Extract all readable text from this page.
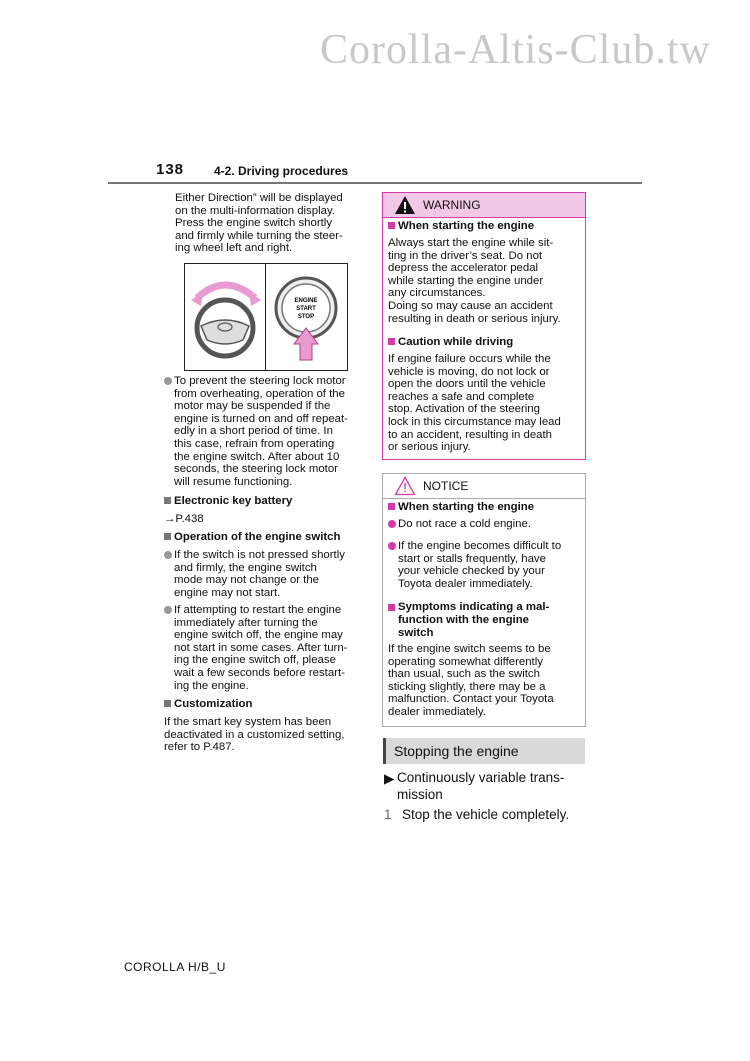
Corolla-Altis-Club.tw
138 4-2. Driving procedures
Either Direction” will be displayed
on the multi-information display.
Press the engine switch shortly
and firmly while turning the steer-
ing wheel left and right.
ENGINE
START
STOP
To prevent the steering lock motor
from overheating, operation of the
motor may be suspended if the
engine is turned on and off repeat-
edly in a short period of time. In
this case, refrain from operating
the engine switch. After about 10
seconds, the steering lock motor
will resume functioning.
Electronic key battery
→P.438
Operation of the engine switch
If the switch is not pressed shortly
and firmly, the engine switch
mode may not change or the
engine may not start.
If attempting to restart the engine
immediately after turning the
engine switch off, the engine may
not start in some cases. After turn-
ing the engine switch off, please
wait a few seconds before restart-
ing the engine.
Customization
If the smart key system has been
deactivated in a customized setting,
refer to P.487.
WARNING
When starting the engine
Always start the engine while sit-
ting in the driver’s seat. Do not
depress the accelerator pedal
while starting the engine under
any circumstances.
Doing so may cause an accident
resulting in death or serious injury.
Caution while driving
If engine failure occurs while the
vehicle is moving, do not lock or
open the doors until the vehicle
reaches a safe and complete
stop. Activation of the steering
lock in this circumstance may lead
to an accident, resulting in death
or serious injury.
NOTICE
When starting the engine
Do not race a cold engine.
If the engine becomes difficult to
start or stalls frequently, have
your vehicle checked by your
Toyota dealer immediately.
Symptoms indicating a mal-
function with the engine
switch
If the engine switch seems to be
operating somewhat differently
than usual, such as the switch
sticking slightly, there may be a
malfunction. Contact your Toyota
dealer immediately.
Stopping the engine
▶ Continuously variable trans-
mission
1 Stop the vehicle completely.
COROLLA H/B_U
